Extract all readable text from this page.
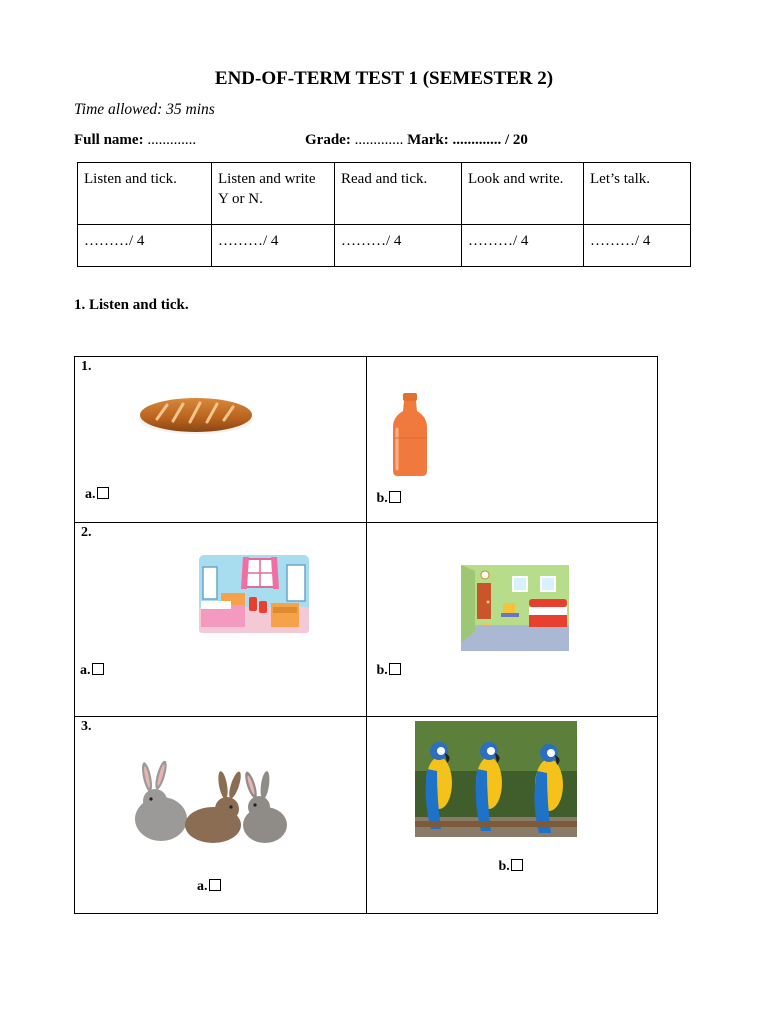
END-OF-TERM TEST 1 (SEMESTER 2)
Time allowed: 35 mins
Full name: .............	Grade: ............. Mark: ............. / 20
Listen and tick.	Listen and write Y or N.	Read and tick.	Look and write.	Let’s talk.
………/ 4	………/ 4	………/ 4	………/ 4	………/ 4
1. Listen and tick.
1.
a.	b.

2.
a.	b.

3.
a.	b.
